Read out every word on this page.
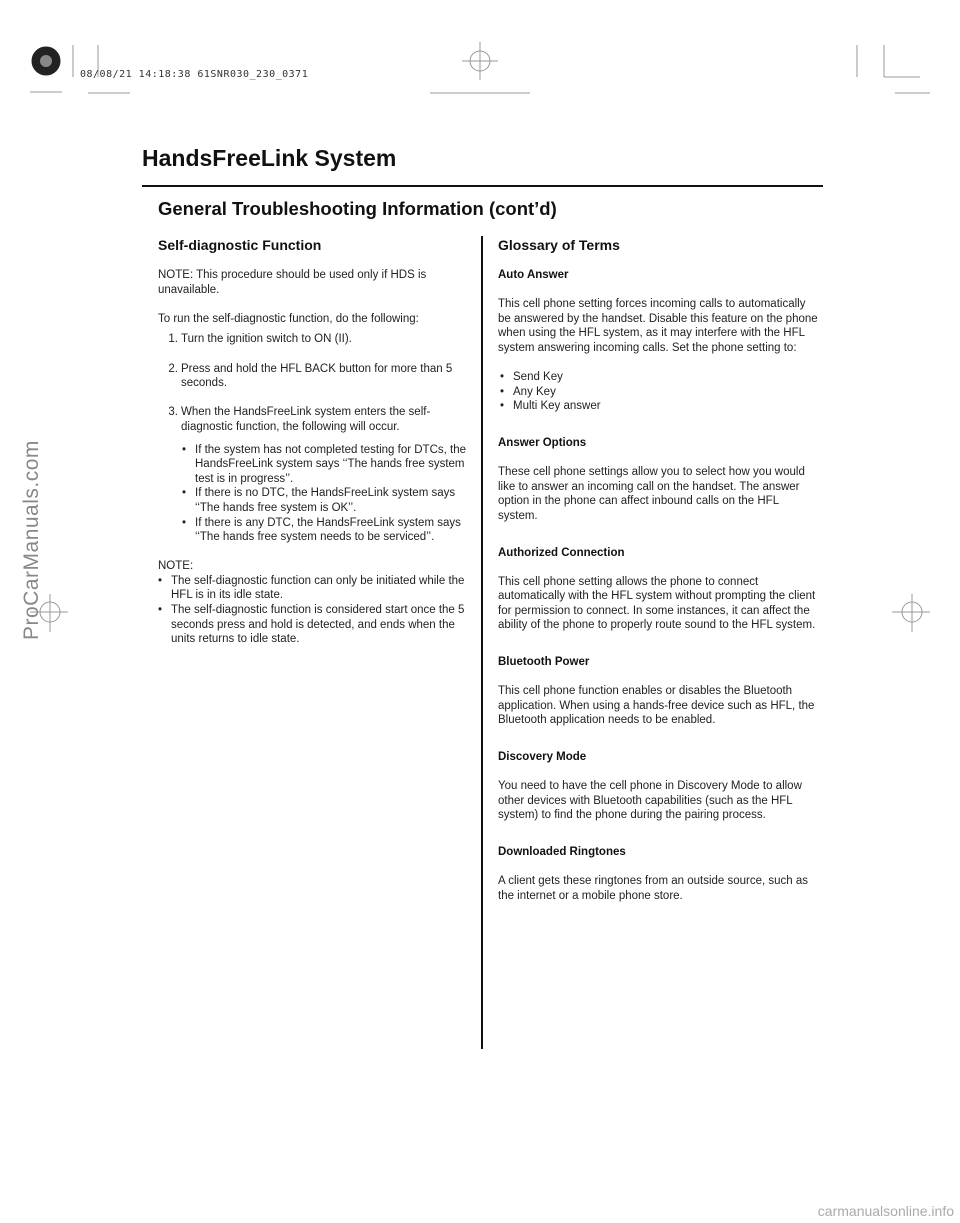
08/08/21 14:18:38 61SNR030_230_0371
ProCarManuals.com
carmanualsonline.info
HandsFreeLink System
General Troubleshooting Information (cont’d)
Self-diagnostic Function

NOTE: This procedure should be used only if HDS is unavailable.

To run the self-diagnostic function, do the following:
1. Turn the ignition switch to ON (II).
2. Press and hold the HFL BACK button for more than 5 seconds.
3. When the HandsFreeLink system enters the self-diagnostic function, the following will occur.
• If the system has not completed testing for DTCs, the HandsFreeLink system says ‘‘The hands free system test is in progress’’.
• If there is no DTC, the HandsFreeLink system says ‘‘The hands free system is OK’’.
• If there is any DTC, the HandsFreeLink system says ‘‘The hands free system needs to be serviced’’.
NOTE:
• The self-diagnostic function can only be initiated while the HFL is in its idle state.
• The self-diagnostic function is considered start once the 5 seconds press and hold is detected, and ends when the units returns to idle state.
Glossary of Terms
Auto Answer

This cell phone setting forces incoming calls to automatically be answered by the handset. Disable this feature on the phone when using the HFL system, as it may interfere with the HFL system answering incoming calls. Set the phone setting to:

• Send Key
• Any Key
• Multi Key answer
Answer Options

These cell phone settings allow you to select how you would like to answer an incoming call on the handset. The answer option in the phone can affect inbound calls on the HFL system.

Authorized Connection

This cell phone setting allows the phone to connect automatically with the HFL system without prompting the client for permission to connect. In some instances, it can affect the ability of the phone to properly route sound to the HFL system.

Bluetooth Power

This cell phone function enables or disables the Bluetooth application. When using a hands-free device such as HFL, the Bluetooth application needs to be enabled.

Discovery Mode

You need to have the cell phone in Discovery Mode to allow other devices with Bluetooth capabilities (such as the HFL system) to find the phone during the pairing process.

Downloaded Ringtones

A client gets these ringtones from an outside source, such as the internet or a mobile phone store.
